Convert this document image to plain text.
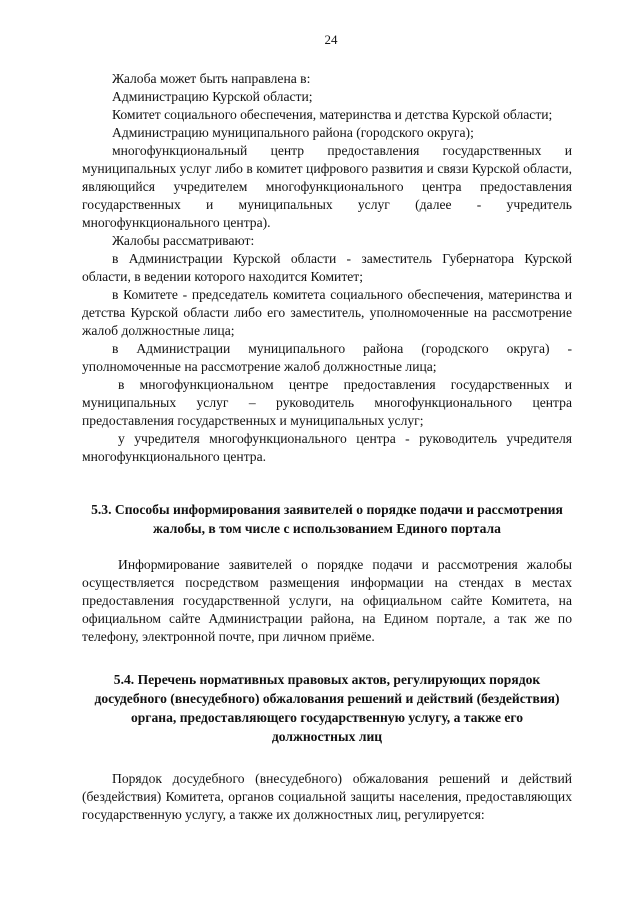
24

Жалоба может быть направлена в:

Администрацию Курской области;

Комитет социального обеспечения, материнства и детства Курской области;

Администрацию муниципального района (городского округа);

многофункциональный центр предоставления государственных и муниципальных услуг либо в комитет цифрового развития и связи Курской области, являющийся учредителем многофункционального центра предоставления государственных и муниципальных услуг (далее - учредитель многофункционального центра).

Жалобы рассматривают:

в Администрации Курской области - заместитель Губернатора Курской области, в ведении которого находится Комитет;

в Комитете - председатель комитета социального обеспечения, материнства и детства Курской области либо его заместитель, уполномоченные на рассмотрение жалоб должностные лица;

в Администрации муниципального района (городского округа) - уполномоченные на рассмотрение жалоб должностные лица;

в многофункциональном центре предоставления государственных и муниципальных услуг – руководитель многофункционального центра предоставления государственных и муниципальных услуг;

у учредителя многофункционального центра - руководитель учредителя многофункционального центра.

5.3. Способы информирования заявителей о порядке подачи и рассмотрения жалобы, в том числе с использованием Единого портала

Информирование заявителей о порядке подачи и рассмотрения жалобы осуществляется посредством размещения информации на стендах в местах предоставления государственной услуги, на официальном сайте Комитета, на официальном сайте Администрации района, на Едином портале, а так же по телефону, электронной почте, при личном приёме.

5.4. Перечень нормативных правовых актов, регулирующих порядок досудебного (внесудебного) обжалования решений и действий (бездействия) органа, предоставляющего государственную услугу, а также его должностных лиц

Порядок досудебного (внесудебного) обжалования решений и действий (бездействия) Комитета, органов социальной защиты населения, предоставляющих государственную услугу, а также их должностных лиц, регулируется:
